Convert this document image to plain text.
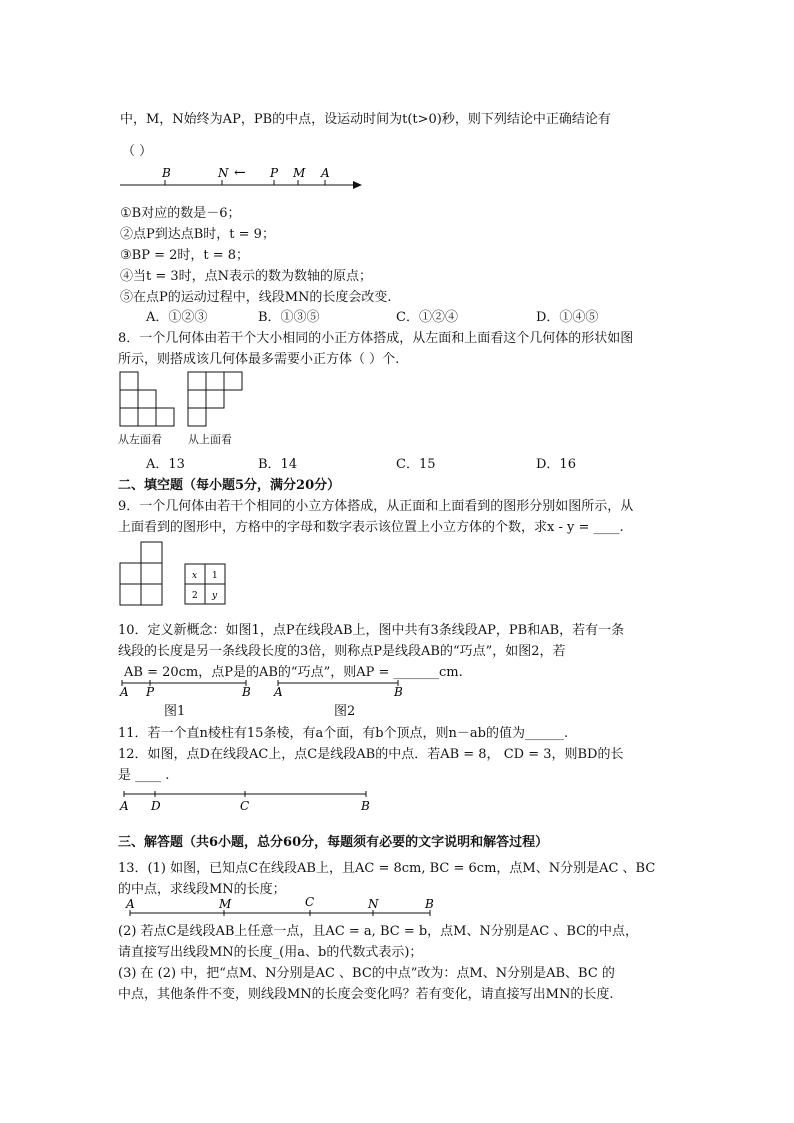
中，M，N始终为AP，PB的中点，设运动时间为t(t>0)秒，则下列结论中正确结论有
（ ）
B	N ← P M A
①B对应的数是－6；
②点P到达点B时，t = 9；
③BP = 2时，t = 8；
④当t = 3时，点N表示的数为数轴的原点；
⑤在点P的运动过程中，线段MN的长度会改变.
A．①②③	B．①③⑤	C．①②④	D．①④⑤
8．一个几何体由若干个大小相同的小正方体搭成，从左面和上面看这个几何体的形状如图
所示，则搭成该几何体最多需要小正方体（ ）个.
从左面看 从上面看
A．13	B．14	C．15	D．16
二、填空题（每小题5分，满分20分）
9．一个几何体由若干个相同的小立方体搭成，从正面和上面看到的图形分别如图所示，从
上面看到的图形中，方格中的字母和数字表示该位置上小立方体的个数，求x - y = ____.
x 1
2 y
10．定义新概念：如图1，点P在线段AB上，图中共有3条线段AP，PB和AB，若有一条
线段的长度是另一条线段长度的3倍，则称点P是线段AB的“巧点”，如图2，若
AB = 20cm，点P是的AB的“巧点”，则AP = _______cm.
A P	B A	B
图1	图2
11．若一个直n棱柱有15条棱，有a个面，有b个顶点，则n－ab的值为______.
12．如图，点D在线段AC上，点C是线段AB的中点．若AB = 8， CD = 3，则BD的长
是 ____ .
A D	C	B
三、解答题（共6小题，总分60分，每题须有必要的文字说明和解答过程）
13．(1) 如图，已知点C在线段AB上，且AC = 8cm, BC = 6cm，点M、N分别是AC 、BC
的中点，求线段MN的长度；
A	M	C	N	B
(2) 若点C是线段AB上任意一点，且AC = a, BC = b，点M、N分别是AC 、BC的中点，
请直接写出线段MN的长度_(用a、b的代数式表示)；
(3) 在 (2) 中，把“点M、N分别是AC 、BC的中点”改为：点M、N分别是AB、BC 的
中点，其他条件不变，则线段MN的长度会变化吗？若有变化，请直接写出MN的长度.
